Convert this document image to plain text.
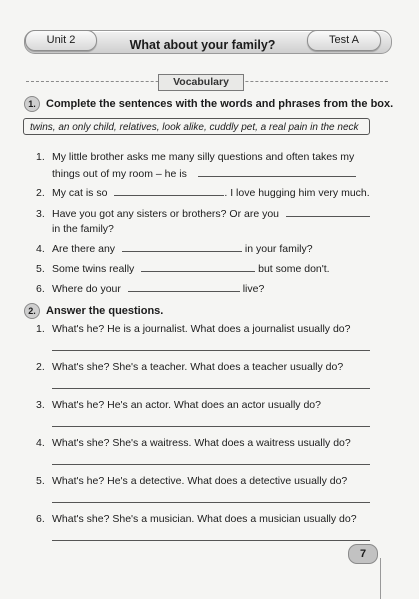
Unit 2	What about your family?	Test A
Vocabulary
1. Complete the sentences with the words and phrases from the box.
twins, an only child, relatives, look alike, cuddly pet, a real pain in the neck
1. My little brother asks me many silly questions and often takes my
things out of my room – he is
2. My cat is so	. I love hugging him very much.
3. Have you got any sisters or brothers? Or are you
in the family?
4. Are there any	in your family?
5. Some twins really	but some don't.
6. Where do your	live?
2. Answer the questions.
1. What's he? He is a journalist. What does a journalist usually do?
2. What's she? She's a teacher. What does a teacher usually do?
3. What's he? He's an actor. What does an actor usually do?
4. What's she? She's a waitress. What does a waitress usually do?
5. What's he? He's a detective. What does a detective usually do?
6. What's she? She's a musician. What does a musician usually do?
7
